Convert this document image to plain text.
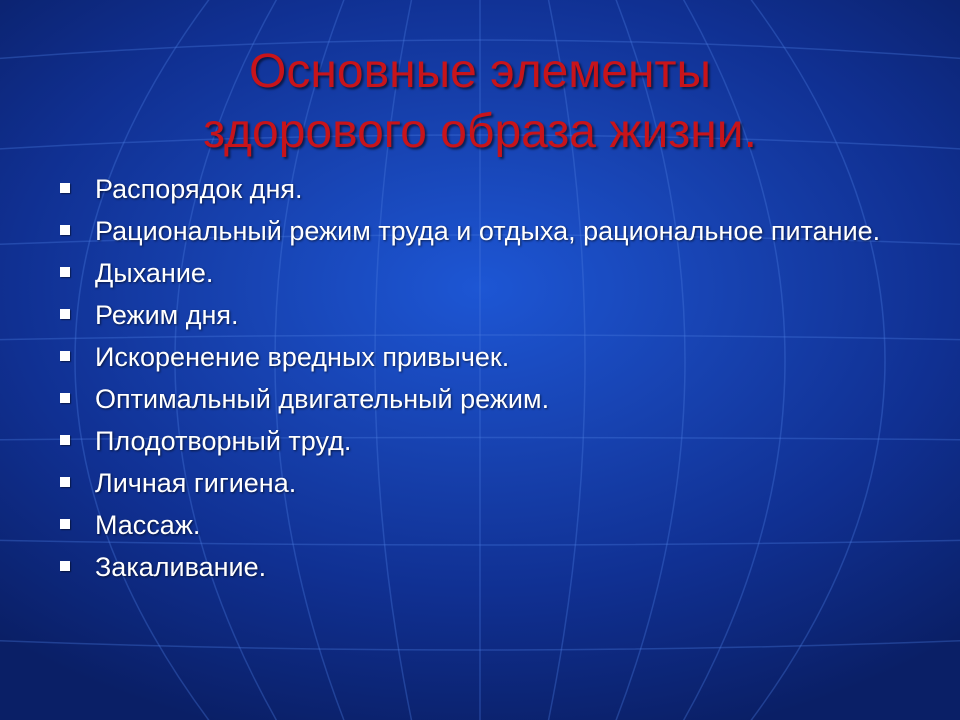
Основные элементы
здорового образа жизни.
Распорядок дня.
Рациональный режим труда и отдыха, рациональное питание.
Дыхание.
Режим дня.
Искоренение вредных привычек.
Оптимальный двигательный режим.
Плодотворный труд.
Личная гигиена.
Массаж.
Закаливание.
